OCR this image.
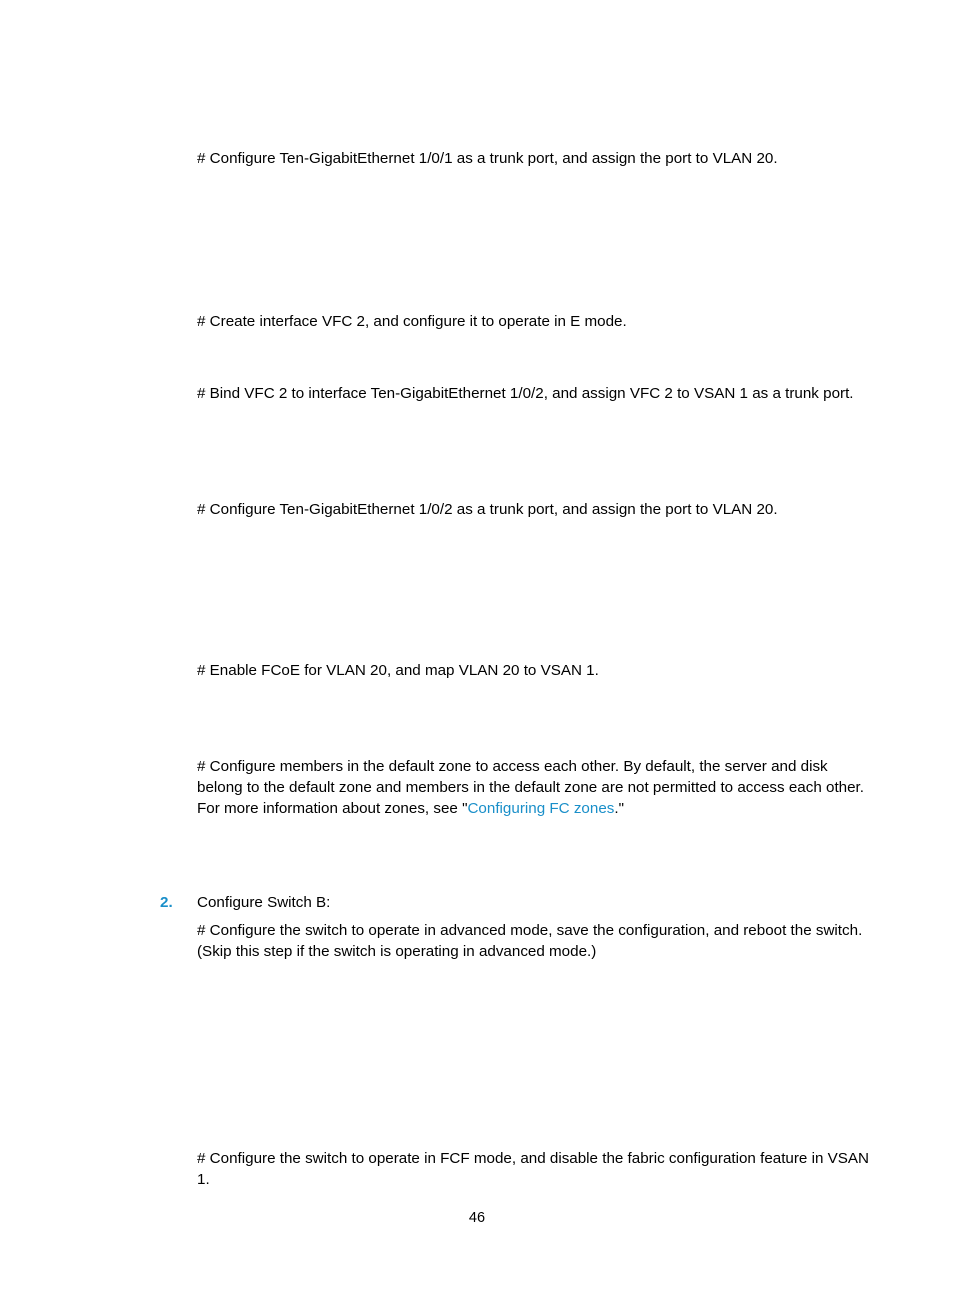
# Configure Ten-GigabitEthernet 1/0/1 as a trunk port, and assign the port to VLAN 20.

# Create interface VFC 2, and configure it to operate in E mode.

# Bind VFC 2 to interface Ten-GigabitEthernet 1/0/2, and assign VFC 2 to VSAN 1 as a trunk port.

# Configure Ten-GigabitEthernet 1/0/2 as a trunk port, and assign the port to VLAN 20.

# Enable FCoE for VLAN 20, and map VLAN 20 to VSAN 1.

# Configure members in the default zone to access each other. By default, the server and disk belong to the default zone and members in the default zone are not permitted to access each other. For more information about zones, see "Configuring FC zones."

2. Configure Switch B:

# Configure the switch to operate in advanced mode, save the configuration, and reboot the switch. (Skip this step if the switch is operating in advanced mode.)

# Configure the switch to operate in FCF mode, and disable the fabric configuration feature in VSAN 1.

46
